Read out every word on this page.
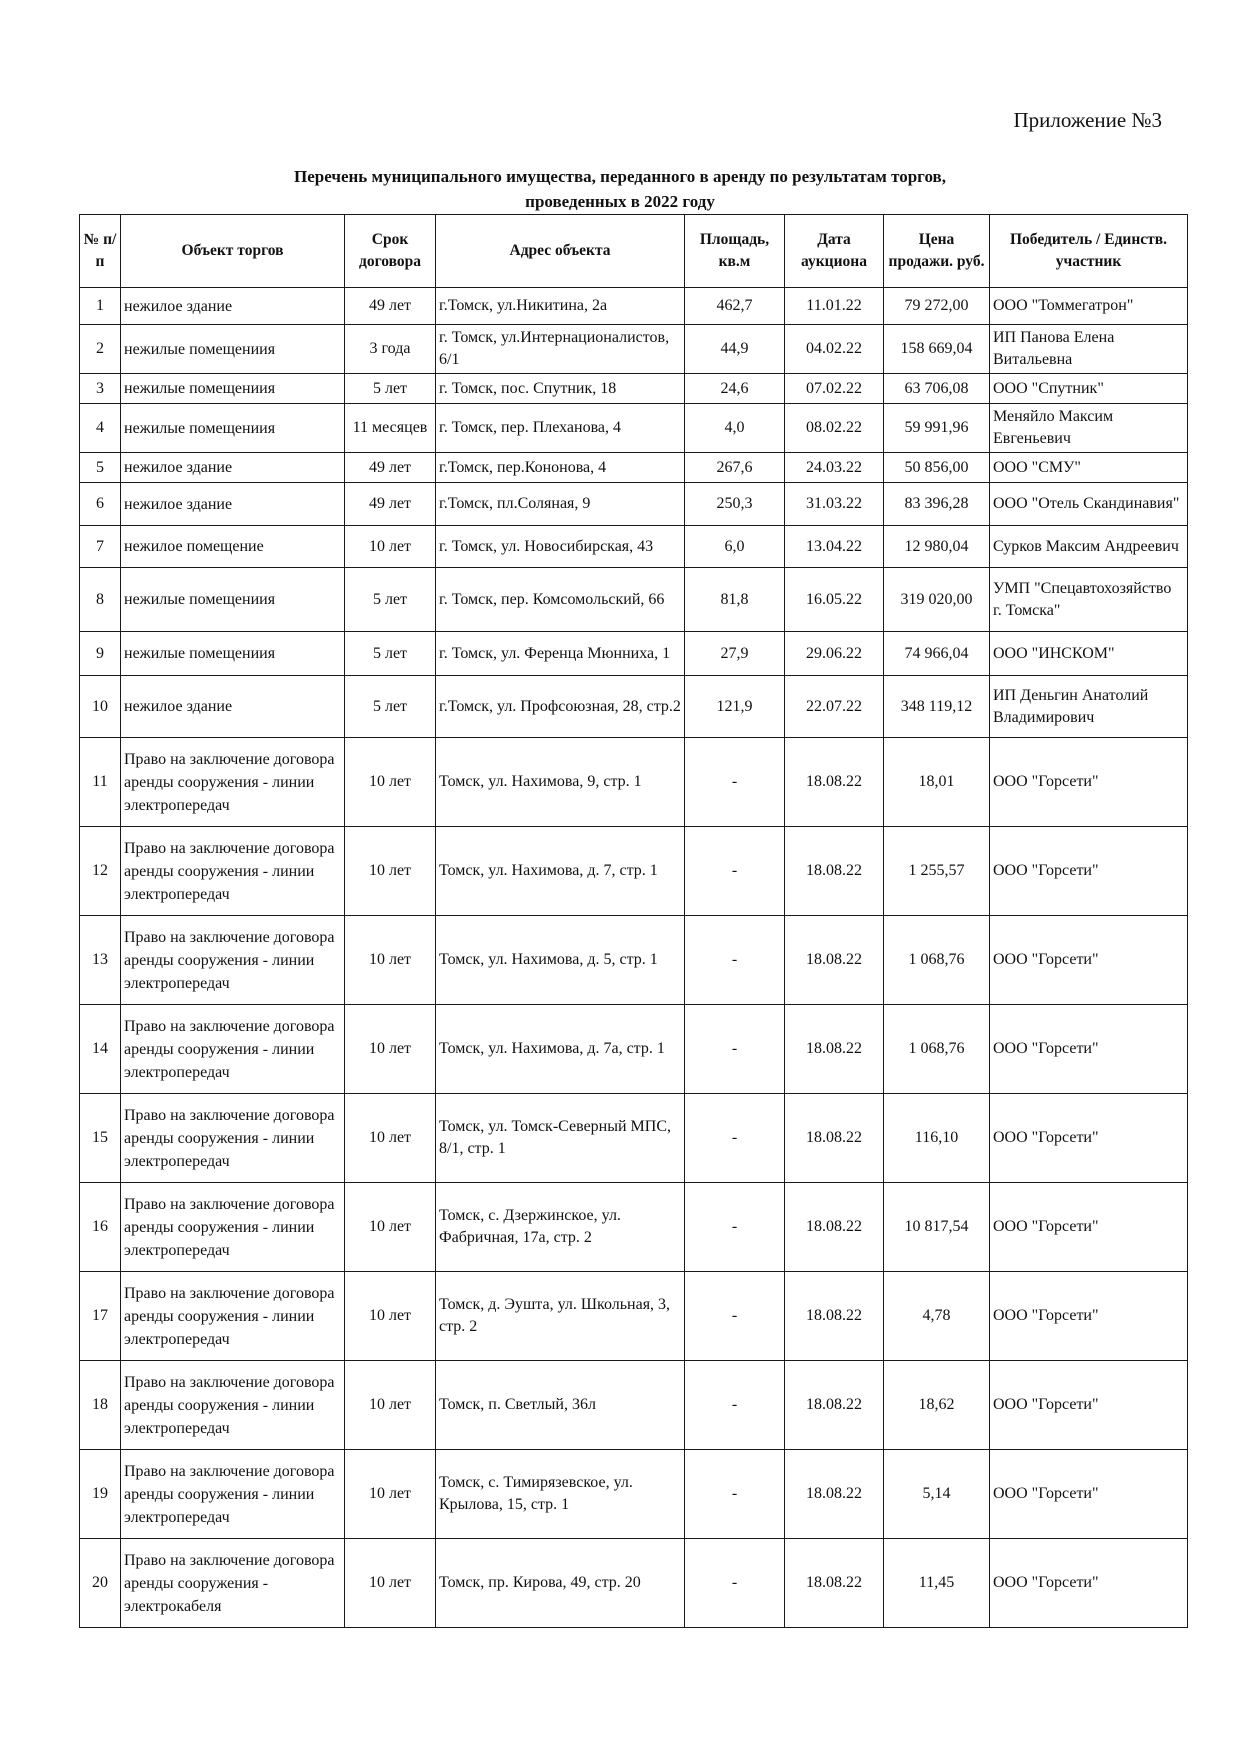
Приложение №3
Перечень муниципального имущества, переданного в аренду по результатам торгов,
проведенных в 2022 году
№ п/п	Объект торгов	Срок договора	Адрес объекта	Площадь, кв.м	Дата аукциона	Цена продажи. руб.	Победитель / Единств. участник
1	нежилое здание	49 лет	г.Томск, ул.Никитина, 2а	462,7	11.01.22	79 272,00	ООО "Томмегатрон"
2	нежилые помещениия	3 года	г. Томск, ул.Интернационалистов, 6/1	44,9	04.02.22	158 669,04	ИП Панова Елена Витальевна
3	нежилые помещениия	5 лет	г. Томск, пос. Спутник, 18	24,6	07.02.22	63 706,08	ООО "Спутник"
4	нежилые помещениия	11 месяцев	г. Томск, пер. Плеханова, 4	4,0	08.02.22	59 991,96	Меняйло Максим Евгеньевич
5	нежилое здание	49 лет	г.Томск, пер.Кононова, 4	267,6	24.03.22	50 856,00	ООО "СМУ"
6	нежилое здание	49 лет	г.Томск, пл.Соляная, 9	250,3	31.03.22	83 396,28	ООО "Отель Скандинавия"
7	нежилое помещение	10 лет	г. Томск, ул. Новосибирская, 43	6,0	13.04.22	12 980,04	Сурков Максим Андреевич
8	нежилые помещениия	5 лет	г. Томск, пер. Комсомольский, 66	81,8	16.05.22	319 020,00	УМП "Спецавтохозяйство г. Томска"
9	нежилые помещениия	5 лет	г. Томск, ул. Ференца Мюнниха, 1	27,9	29.06.22	74 966,04	ООО "ИНСКОМ"
10	нежилое здание	5 лет	г.Томск, ул. Профсоюзная, 28, стр.2	121,9	22.07.22	348 119,12	ИП Деньгин Анатолий Владимирович
11	Право на заключение договора аренды сооружения - линии электропередач	10 лет	Томск, ул. Нахимова, 9, стр. 1	-	18.08.22	18,01	ООО "Горсети"
12	Право на заключение договора аренды сооружения - линии электропередач	10 лет	Томск, ул. Нахимова, д. 7, стр. 1	-	18.08.22	1 255,57	ООО "Горсети"
13	Право на заключение договора аренды сооружения - линии электропередач	10 лет	Томск, ул. Нахимова, д. 5, стр. 1	-	18.08.22	1 068,76	ООО "Горсети"
14	Право на заключение договора аренды сооружения - линии электропередач	10 лет	Томск, ул. Нахимова, д. 7а, стр. 1	-	18.08.22	1 068,76	ООО "Горсети"
15	Право на заключение договора аренды сооружения - линии электропередач	10 лет	Томск, ул. Томск-Северный МПС, 8/1, стр. 1	-	18.08.22	116,10	ООО "Горсети"
16	Право на заключение договора аренды сооружения - линии электропередач	10 лет	Томск, с. Дзержинское, ул. Фабричная, 17а, стр. 2	-	18.08.22	10 817,54	ООО "Горсети"
17	Право на заключение договора аренды сооружения - линии электропередач	10 лет	Томск, д. Эушта, ул. Школьная, 3, стр. 2	-	18.08.22	4,78	ООО "Горсети"
18	Право на заключение договора аренды сооружения - линии электропередач	10 лет	Томск, п. Светлый, 36л	-	18.08.22	18,62	ООО "Горсети"
19	Право на заключение договора аренды сооружения - линии электропередач	10 лет	Томск, с. Тимирязевское, ул. Крылова, 15, стр. 1	-	18.08.22	5,14	ООО "Горсети"
20	Право на заключение договора аренды сооружения - электрокабеля	10 лет	Томск, пр. Кирова, 49, стр. 20	-	18.08.22	11,45	ООО "Горсети"
